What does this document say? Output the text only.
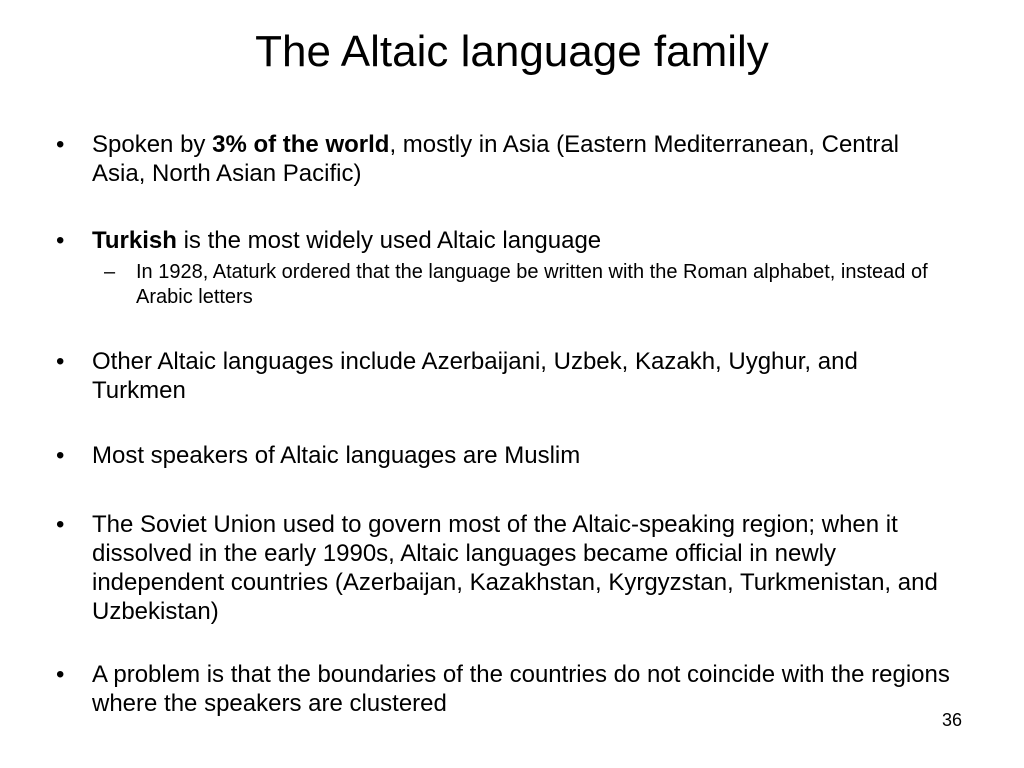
The Altaic language family
•	Spoken by 3% of the world, mostly in Asia (Eastern Mediterranean, Central Asia, North Asian Pacific)
•	Turkish is the most widely used Altaic language
–	In 1928, Ataturk ordered that the language be written with the Roman alphabet, instead of Arabic letters
•	Other Altaic languages include Azerbaijani, Uzbek, Kazakh, Uyghur, and Turkmen
•	Most speakers of Altaic languages are Muslim
•	The Soviet Union used to govern most of the Altaic-speaking region; when it dissolved in the early 1990s, Altaic languages became official in newly independent countries (Azerbaijan, Kazakhstan, Kyrgyzstan, Turkmenistan, and Uzbekistan)
•	A problem is that the boundaries of the countries do not coincide with the regions where the speakers are clustered
36
